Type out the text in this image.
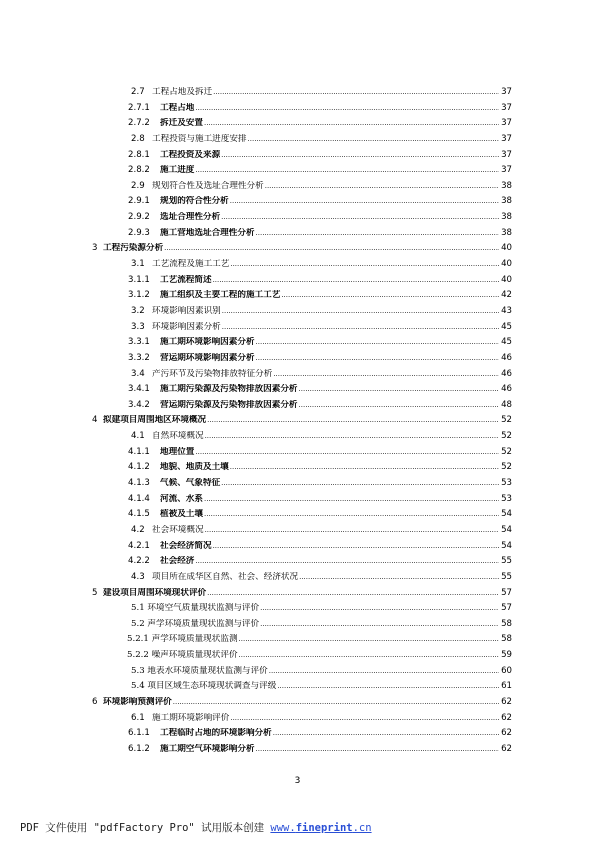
2.7 工程占地及拆迁 .....	37
2.7.1 工程占地 .....	37
2.7.2 拆迁及安置 .....	37
2.8 工程投资与施工进度安排 .....	37
2.8.1 工程投资及来源 .....	37
2.8.2 施工进度 .....	37
2.9 规划符合性及选址合理性分析 .....	38
2.9.1 规划的符合性分析 .....	38
2.9.2 选址合理性分析 .....	38
2.9.3 施工营地选址合理性分析 .....	38
3 工程污染源分析 .....	40
3.1 工艺流程及施工工艺 .....	40
3.1.1 工艺流程简述 .....	40
3.1.2 施工组织及主要工程的施工工艺 .....	42
3.2 环境影响因素识别 .....	43
3.3 环境影响因素分析 .....	45
3.3.1 施工期环境影响因素分析 .....	45
3.3.2 营运期环境影响因素分析 .....	46
3.4 产污环节及污染物排放特征分析 .....	46
3.4.1 施工期污染源及污染物排放因素分析 .....	46
3.4.2 营运期污染源及污染物排放因素分析 .....	48
4 拟建项目周围地区环境概况 .....	52
4.1 自然环境概况 .....	52
4.1.1 地理位置 .....	52
4.1.2 地貌、地质及土壤 .....	52
4.1.3 气候、气象特征 .....	53
4.1.4 河流、水系 .....	53
4.1.5 植被及土壤 .....	54
4.2 社会环境概况 .....	54
4.2.1 社会经济简况 .....	54
4.2.2 社会经济 .....	55
4.3 项目所在成华区自然、社会、经济状况 .....	55
5 建设项目周围环境现状评价 .....	57
5.1 环境空气质量现状监测与评价 .....	57
5.2 声学环境质量现状监测与评价 .....	58
5.2.1 声学环境质量现状监测 .....	58
5.2.2 噪声环境质量现状评价 .....	59
5.3 地表水环境质量现状监测与评价 .....	60
5.4 项目区域生态环境现状调查与评级 .....	61
6 环境影响预测评价 .....	62
6.1 施工期环境影响评价 .....	62
6.1.1 工程临时占地的环境影响分析 .....	62
6.1.2 施工期空气环境影响分析 .....	62
3
PDF 文件使用 "pdfFactory Pro" 试用版本创建 www.fineprint.cn
